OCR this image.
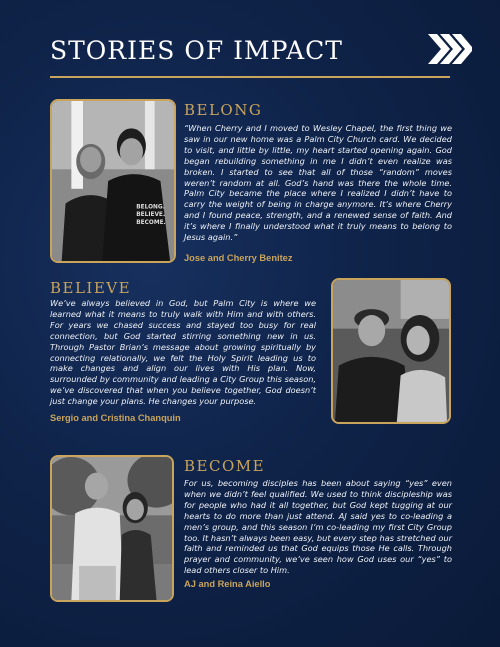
STORIES OF IMPACT
BELONG.
BELIEVE.
BECOME.
BELONG

“When Cherry and I moved to Wesley Chapel, the first thing we saw in our new home was a Palm City Church card. We decided to visit, and little by little, my heart started opening again. God began rebuilding something in me I didn’t even realize was broken. I started to see that all of those “random” moves weren’t random at all. God’s hand was there the whole time. Palm City became the place where I realized I didn’t have to carry the weight of being in charge anymore. It’s where Cherry and I found peace, strength, and a renewed sense of faith. And it’s where I finally understood what it truly means to belong to Jesus again.”

Jose and Cherry Benitez
BELIEVE

We’ve always believed in God, but Palm City is where we learned what it means to truly walk with Him and with others. For years we chased success and stayed too busy for real connection, but God started stirring something new in us. Through Pastor Brian’s message about growing spiritually by connecting relationally, we felt the Holy Spirit leading us to make changes and align our lives with His plan. Now, surrounded by community and leading a City Group this season, we’ve discovered that when you believe together, God doesn’t just change your plans. He changes your purpose.

Sergio and Cristina Chanquin
BECOME

For us, becoming disciples has been about saying “yes” even when we didn’t feel qualified. We used to think discipleship was for people who had it all together, but God kept tugging at our hearts to do more than just attend. AJ said yes to co-leading a men’s group, and this season I’m co-leading my first City Group too. It hasn’t always been easy, but every step has stretched our faith and reminded us that God equips those He calls. Through prayer and community, we’ve seen how God uses our “yes” to lead others closer to Him.

AJ and Reina Aiello
